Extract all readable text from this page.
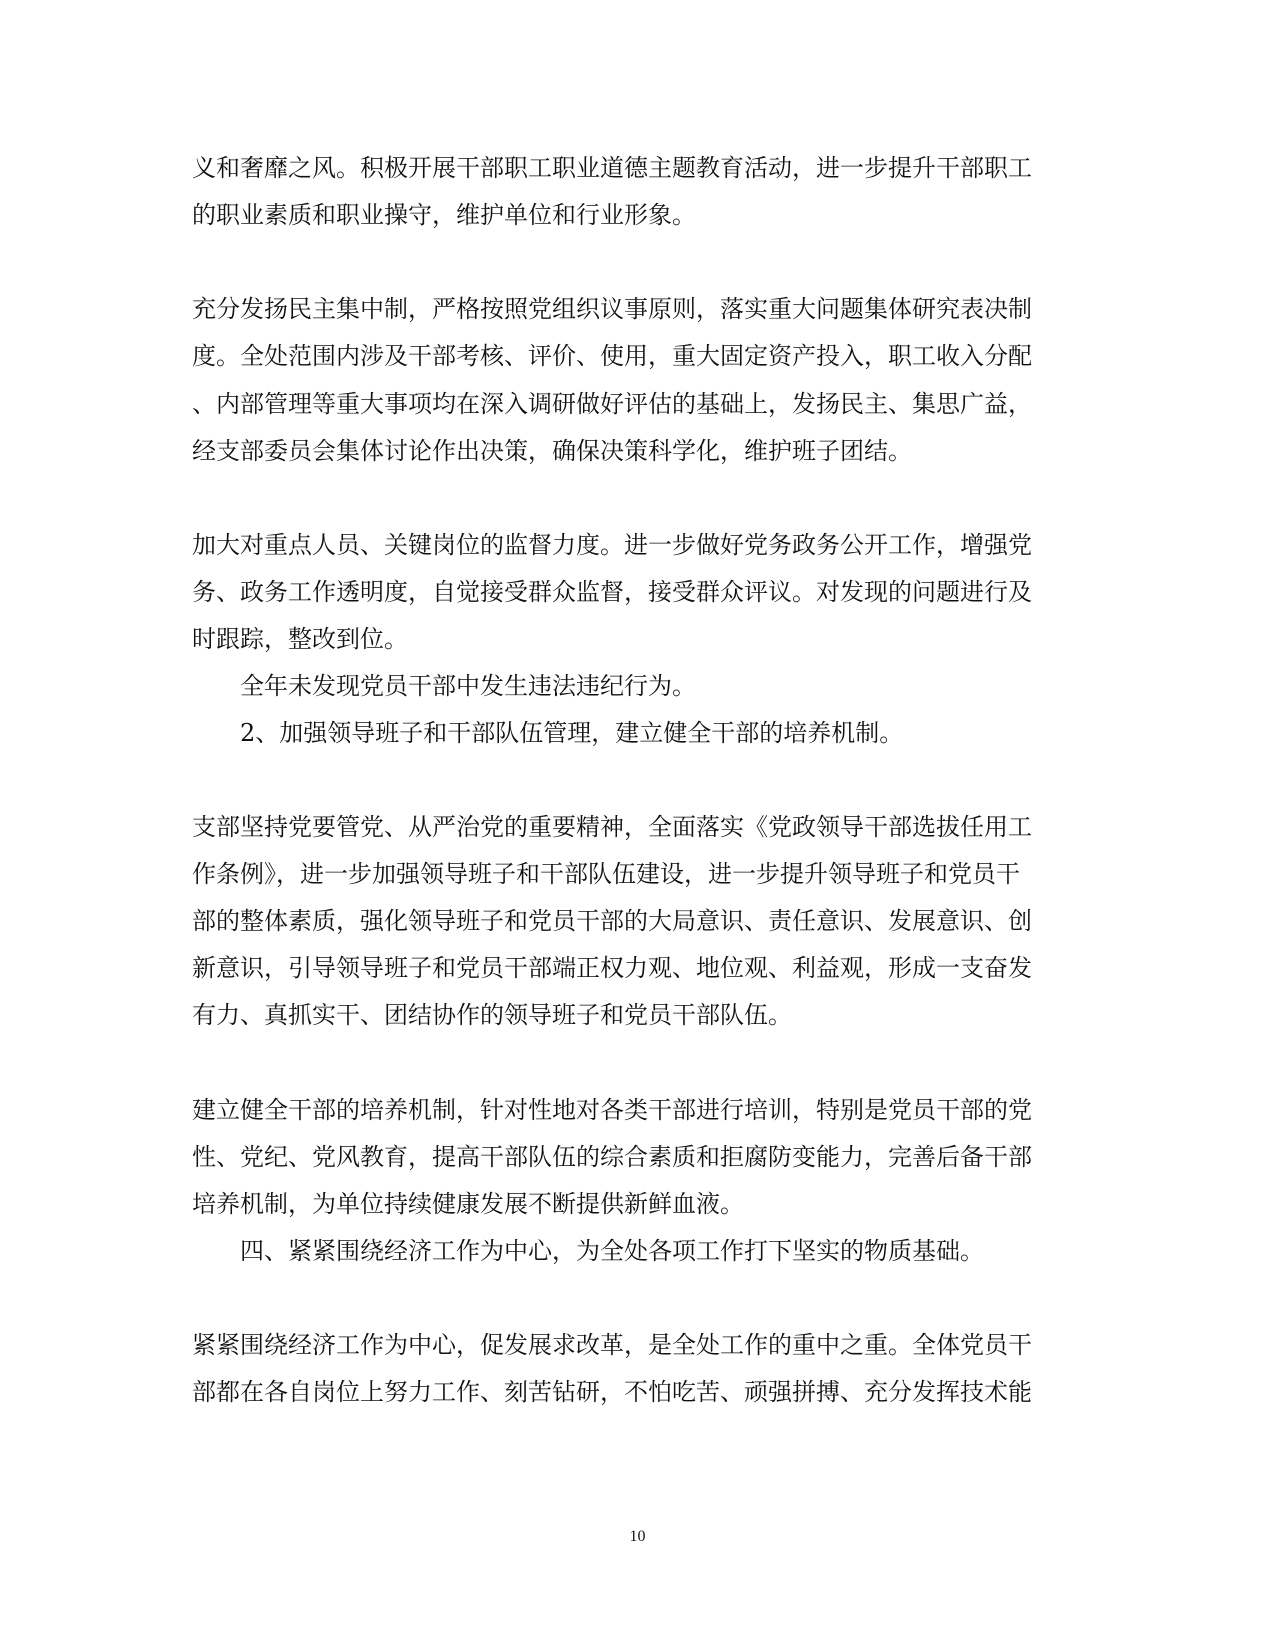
义和奢靡之风。积极开展干部职工职业道德主题教育活动，进一步提升干部职工
的职业素质和职业操守，维护单位和行业形象。
充分发扬民主集中制，严格按照党组织议事原则，落实重大问题集体研究表决制
度。全处范围内涉及干部考核、评价、使用，重大固定资产投入，职工收入分配
、内部管理等重大事项均在深入调研做好评估的基础上，发扬民主、集思广益，
经支部委员会集体讨论作出决策，确保决策科学化，维护班子团结。
加大对重点人员、关键岗位的监督力度。进一步做好党务政务公开工作，增强党
务、政务工作透明度，自觉接受群众监督，接受群众评议。对发现的问题进行及
时跟踪，整改到位。
全年未发现党员干部中发生违法违纪行为。
2、加强领导班子和干部队伍管理，建立健全干部的培养机制。
支部坚持党要管党、从严治党的重要精神，全面落实《党政领导干部选拔任用工
作条例》，进一步加强领导班子和干部队伍建设，进一步提升领导班子和党员干
部的整体素质，强化领导班子和党员干部的大局意识、责任意识、发展意识、创
新意识，引导领导班子和党员干部端正权力观、地位观、利益观，形成一支奋发
有力、真抓实干、团结协作的领导班子和党员干部队伍。
建立健全干部的培养机制，针对性地对各类干部进行培训，特别是党员干部的党
性、党纪、党风教育，提高干部队伍的综合素质和拒腐防变能力，完善后备干部
培养机制，为单位持续健康发展不断提供新鲜血液。
四、紧紧围绕经济工作为中心，为全处各项工作打下坚实的物质基础。
紧紧围绕经济工作为中心，促发展求改革，是全处工作的重中之重。全体党员干
部都在各自岗位上努力工作、刻苦钻研，不怕吃苦、顽强拼搏、充分发挥技术能
10
